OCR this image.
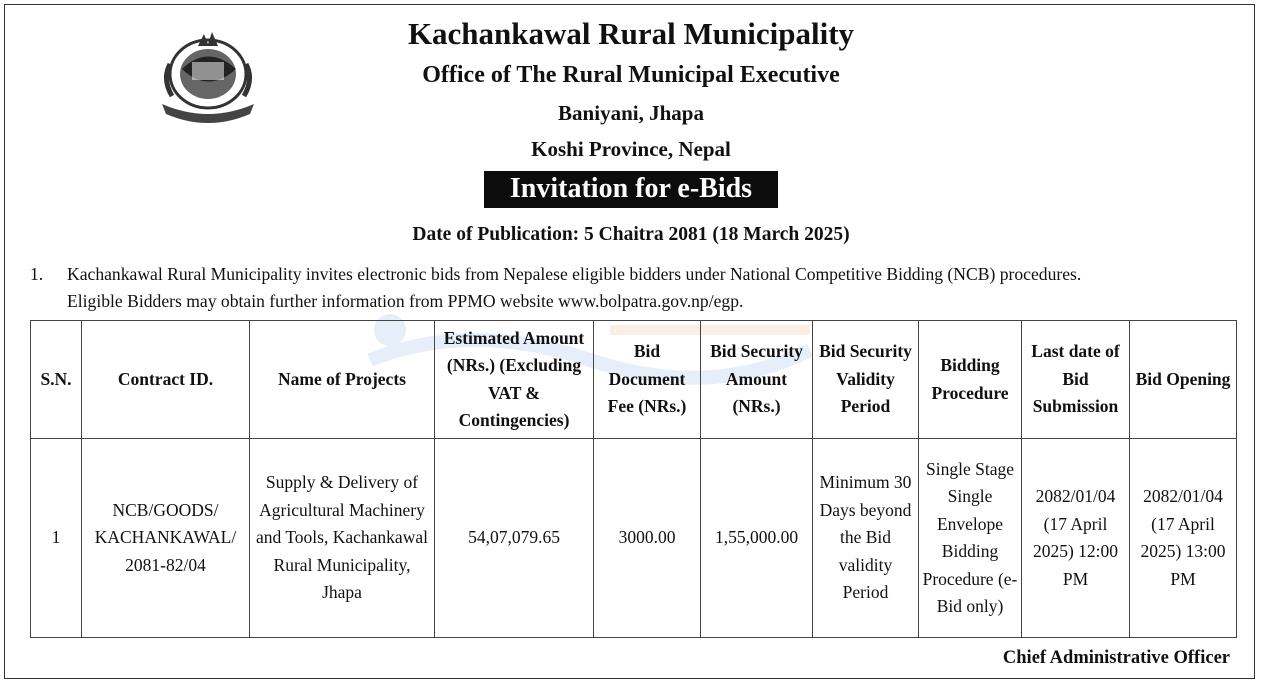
Kachankawal Rural Municipality
Office of The Rural Municipal Executive
Baniyani, Jhapa
Koshi Province, Nepal
Invitation for e-Bids
Date of Publication: 5 Chaitra 2081 (18 March 2025)
1. Kachankawal Rural Municipality invites electronic bids from Nepalese eligible bidders under National Competitive Bidding (NCB) procedures.
Eligible Bidders may obtain further information from PPMO website www.bolpatra.gov.np/egp.
S.N.	Contract ID.	Name of Projects	Estimated Amount (NRs.) (Excluding VAT & Contingencies)	Bid Document Fee (NRs.)	Bid Security Amount (NRs.)	Bid Security Validity Period	Bidding Procedure	Last date of Bid Submission	Bid Opening
1	NCB/GOODS/ KACHANKAWAL/ 2081-82/04	Supply & Delivery of Agricultural Machinery and Tools, Kachankawal Rural Municipality, Jhapa	54,07,079.65	3000.00	1,55,000.00	Minimum 30 Days beyond the Bid validity Period	Single Stage Single Envelope Bidding Procedure (e-Bid only)	2082/01/04 (17 April 2025) 12:00 PM	2082/01/04 (17 April 2025) 13:00 PM
Chief Administrative Officer
